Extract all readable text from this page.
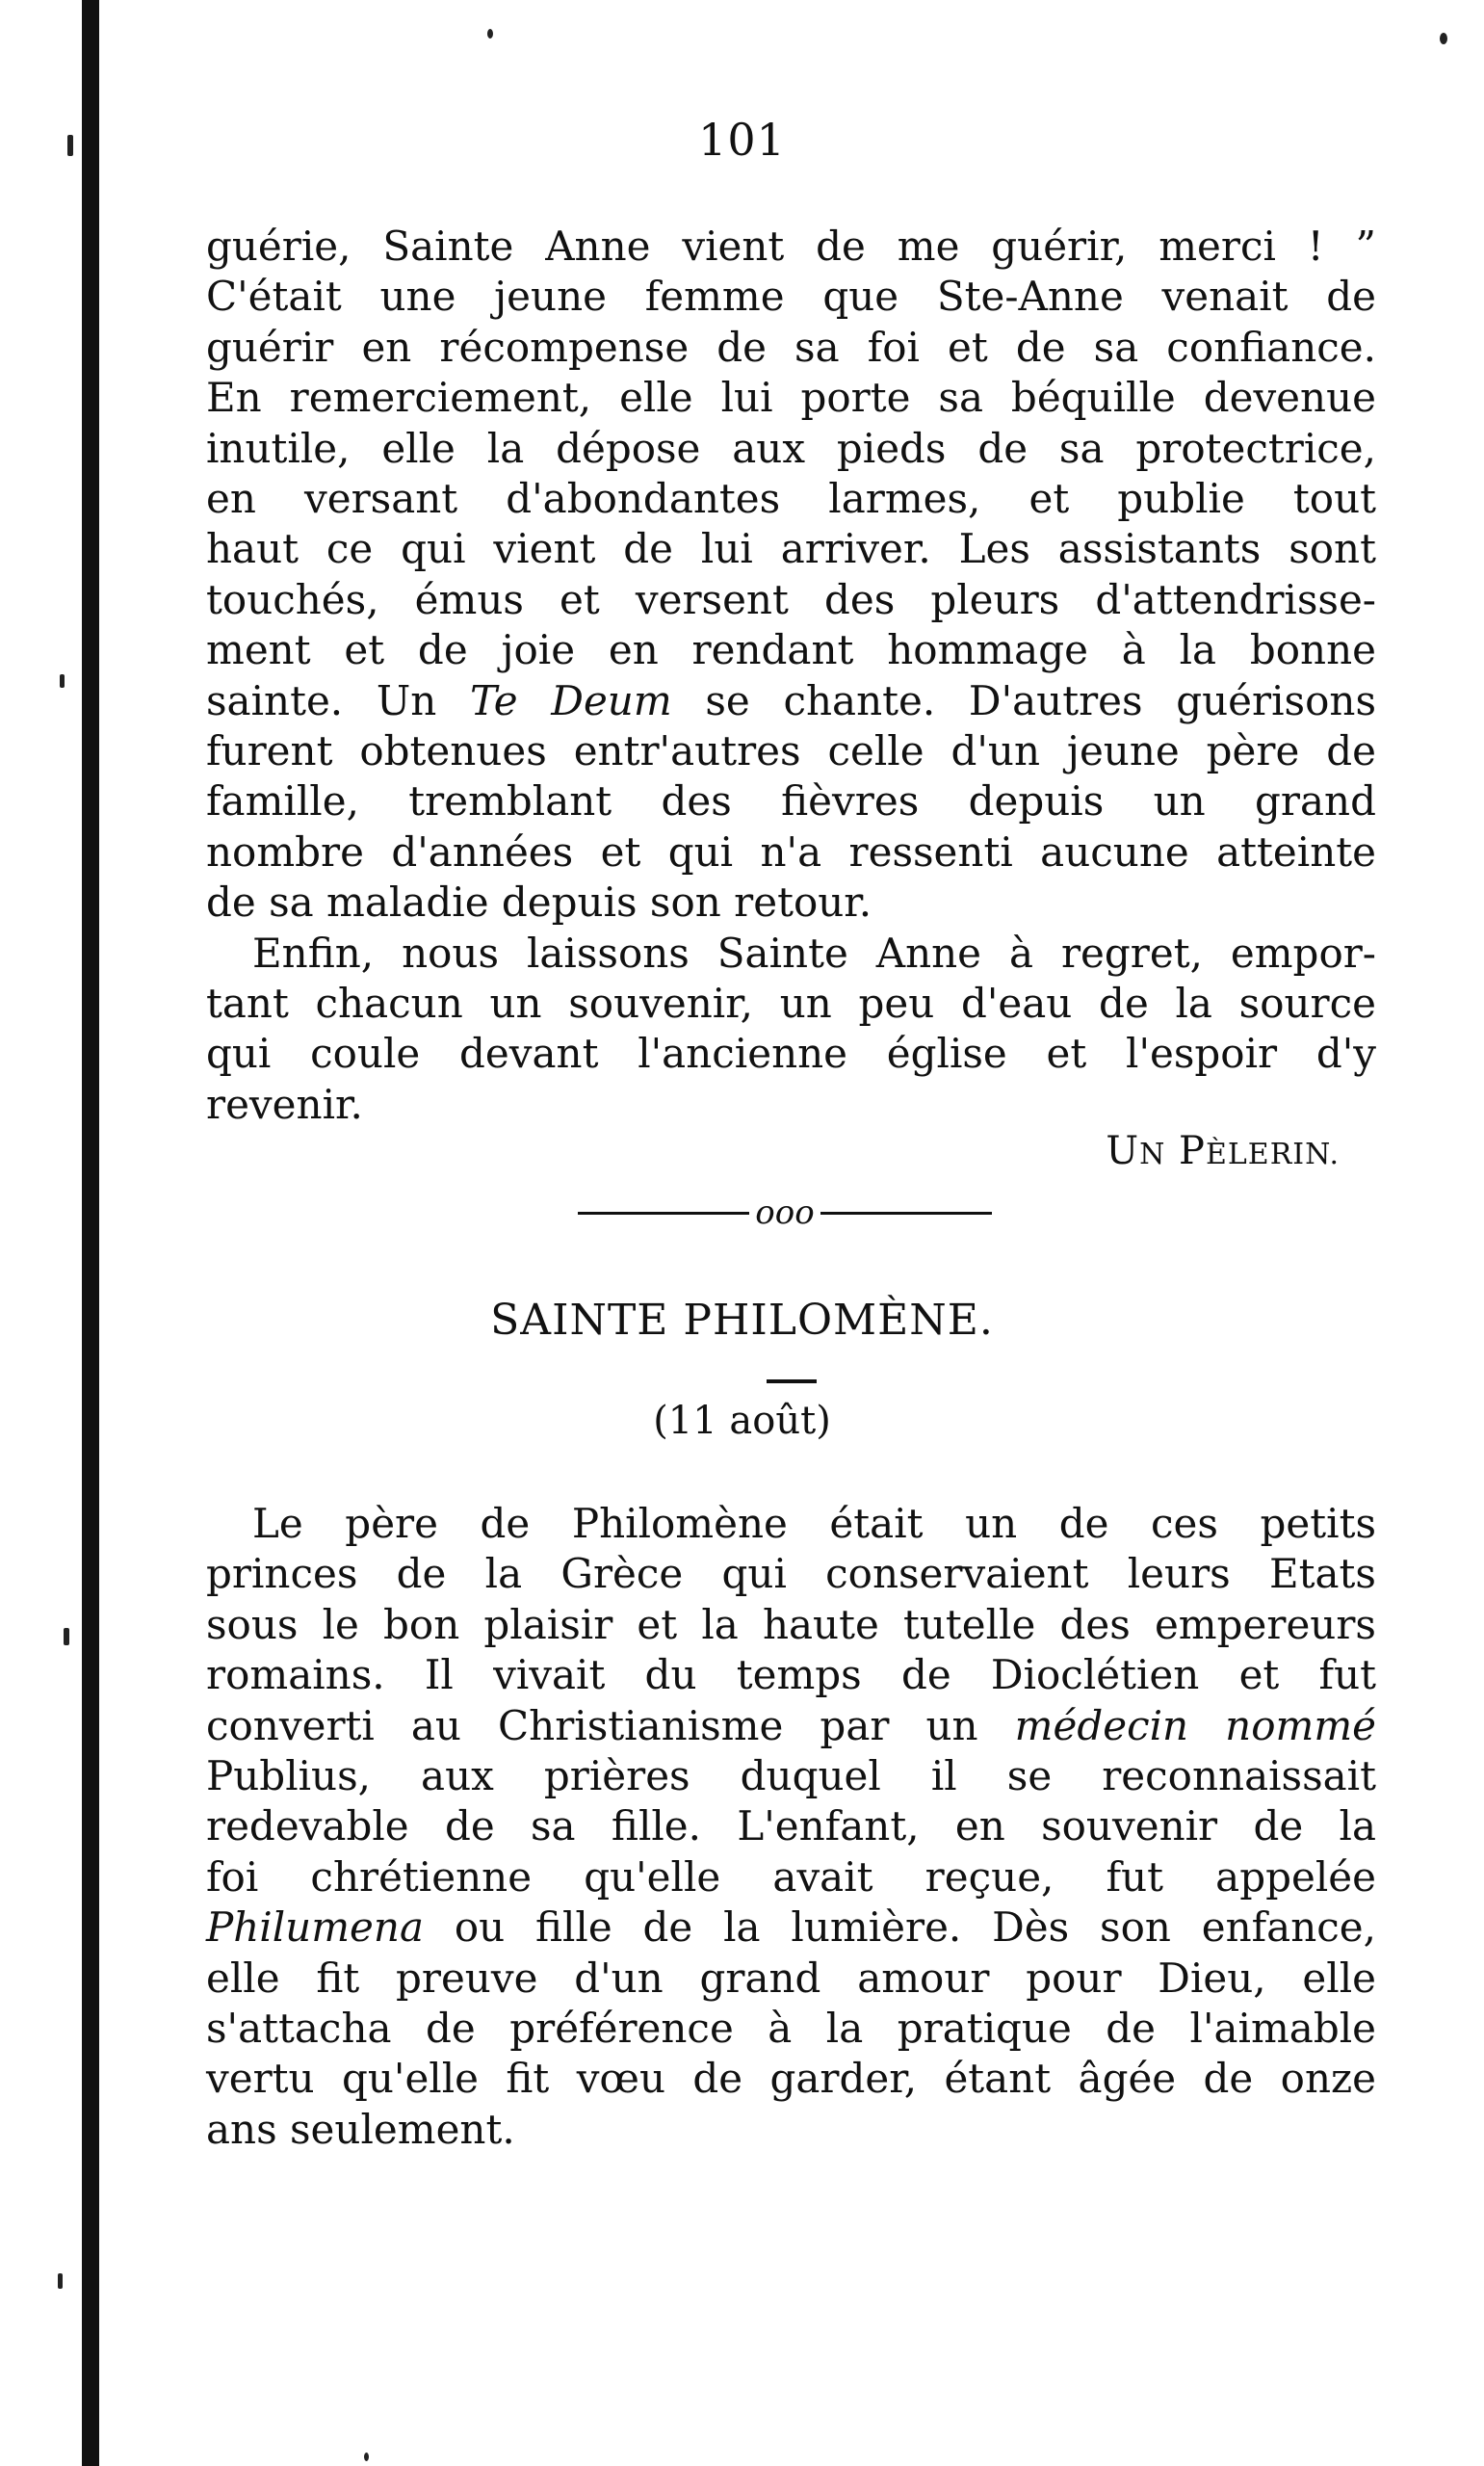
101
guérie, Sainte Anne vient de me guérir, merci ! ”
C'était une jeune femme que Ste-Anne venait de
guérir en récompense de sa foi et de sa confiance.
En remerciement, elle lui porte sa béquille devenue
inutile, elle la dépose aux pieds de sa protectrice,
en versant d'abondantes larmes, et publie tout
haut ce qui vient de lui arriver. Les assistants sont
touchés, émus et versent des pleurs d'attendrisse-
ment et de joie en rendant hommage à la bonne
sainte. Un Te Deum se chante. D'autres guérisons
furent obtenues entr'autres celle d'un jeune père de
famille, tremblant des fièvres depuis un grand
nombre d'années et qui n'a ressenti aucune atteinte
de sa maladie depuis son retour.
Enfin, nous laissons Sainte Anne à regret, empor-
tant chacun un souvenir, un peu d'eau de la source
qui coule devant l'ancienne église et l'espoir d'y
revenir.
UN PÈLERIN.
ooo
SAINTE PHILOMÈNE.
(11 août)
Le père de Philomène était un de ces petits
princes de la Grèce qui conservaient leurs Etats
sous le bon plaisir et la haute tutelle des empereurs
romains. Il vivait du temps de Dioclétien et fut
converti au Christianisme par un médecin nommé
Publius, aux prières duquel il se reconnaissait
redevable de sa fille. L'enfant, en souvenir de la
foi chrétienne qu'elle avait reçue, fut appelée
Philumena ou fille de la lumière. Dès son enfance,
elle fit preuve d'un grand amour pour Dieu, elle
s'attacha de préférence à la pratique de l'aimable
vertu qu'elle fit vœu de garder, étant âgée de onze
ans seulement.
